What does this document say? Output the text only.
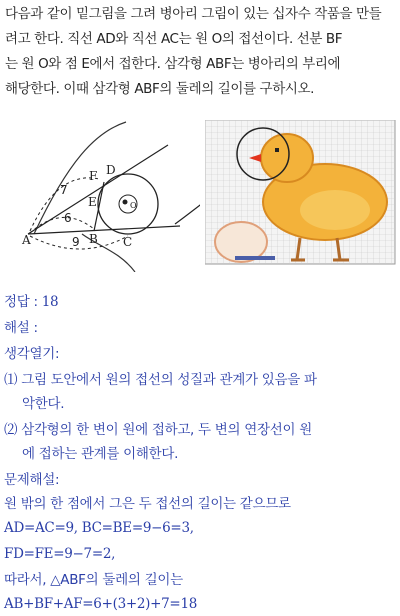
다음과 같이 밑그림을 그려 병아리 그림이 있는 십자수 작품을 만들
려고 한다. 직선 AD와 직선 AC는 원 O의 접선이다. 선분 BF
는 원 O와 점 E에서 접한다. 삼각형 ABF는 병아리의 부리에
해당한다. 이때 삼각형 ABF의 둘레의 길이를 구하시오.
A	B C
D
E
F
O
7
6
9
정답 : 18
해설 :
생각열기:
⑴ 그림 도안에서 원의 접선의 성질과 관계가 있음을 파
악한다.
⑵ 삼각형의 한 변이 원에 접하고, 두 변의 연장선이 원
에 접하는 관계를 이해한다.
문제해설:
원 밖의 한 점에서 그은 두 접선의 길이는 같으므로
AD=AC=9, BC=BE=9−6=3,
FD=FE=9−7=2,
따라서, △ABF의 둘레의 길이는
AB+BF+AF=6+(3+2)+7=18
